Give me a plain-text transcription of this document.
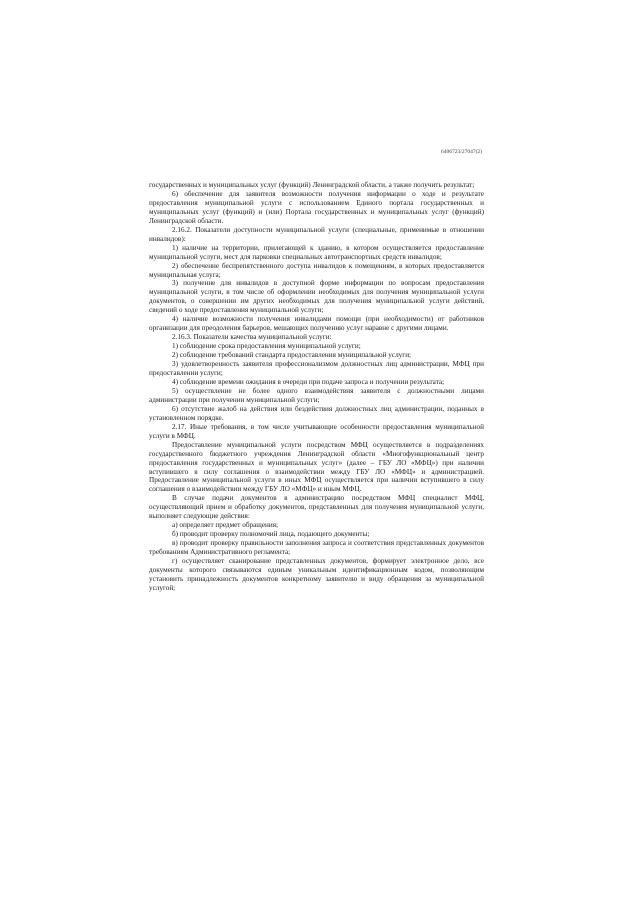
6406723/27047(2)

государственных и муниципальных услуг (функций) Ленинградской области, а также получить результат;

6) обеспечение для заявителя возможности получения информации о ходе и результате предоставления муниципальной услуги с использованием Единого портала государственных и муниципальных услуг (функций) и (или) Портала государственных и муниципальных услуг (функций) Ленинградской области.

2.16.2. Показатели доступности муниципальной услуги (специальные, применимые в отношении инвалидов):

1) наличие на территории, прилегающей к зданию, в котором осуществляется предоставление муниципальной услуги, мест для парковки специальных автотранспортных средств инвалидов;

2) обеспечение беспрепятственного доступа инвалидов к помещениям, в которых предоставляется муниципальная услуга;

3) получение для инвалидов в доступной форме информации по вопросам предоставления муниципальной услуги, в том числе об оформлении необходимых для получения муниципальной услуги документов, о совершении им других необходимых для получения муниципальной услуги действий, сведений о ходе предоставления муниципальной услуги;

4) наличие возможности получения инвалидами помощи (при необходимости) от работников организации для преодоления барьеров, мешающих получению услуг наравне с другими лицами.

2.16.3. Показатели качества муниципальной услуги:

1) соблюдение срока предоставления муниципальной услуги;

2) соблюдение требований стандарта предоставления муниципальной услуги;

3) удовлетворенность заявителя профессионализмом должностных лиц администрации, МФЦ при предоставлении услуги;

4) соблюдение времени ожидания в очереди при подаче запроса и получении результата;

5) осуществление не более одного взаимодействия заявителя с должностными лицами администрации при получении муниципальной услуги;

6) отсутствие жалоб на действия или бездействия должностных лиц администрации, поданных в установленном порядке.

2.17. Иные требования, в том числе учитывающие особенности предоставления муниципальной услуги в МФЦ.

Предоставление муниципальной услуги посредством МФЦ осуществляется в подразделениях государственного бюджетного учреждения Ленинградской области «Многофункциональный центр предоставления государственных и муниципальных услуг» (далее – ГБУ ЛО «МФЦ») при наличии вступившего в силу соглашения о взаимодействии между ГБУ ЛО «МФЦ» и администрацией. Предоставление муниципальной услуги в иных МФЦ осуществляется при наличии вступившего в силу соглашения о взаимодействии между ГБУ ЛО «МФЦ» и иным МФЦ.

В случае подачи документов в администрацию посредством МФЦ специалист МФЦ, осуществляющий прием и обработку документов, представленных для получения муниципальной услуги, выполняет следующие действия:

а) определяет предмет обращения;

б) проводит проверку полномочий лица, подающего документы;

в) проводит проверку правильности заполнения запроса и соответствия представленных документов требованиям Административного регламента;

г) осуществляет сканирование представленных документов, формирует электронное дело, все документы которого связываются единым уникальным идентификационным кодом, позволяющим установить принадлежность документов конкретному заявителю и виду обращения за муниципальной услугой;
